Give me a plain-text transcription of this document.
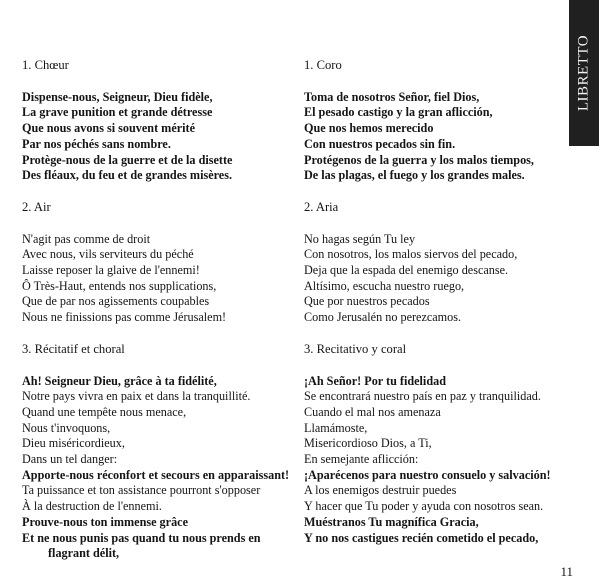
LIBRETTO
1. Chœur
Dispense-nous, Seigneur, Dieu fidèle,
La grave punition et grande détresse
Que nous avons si souvent mérité
Par nos péchés sans nombre.
Protège-nous de la guerre et de la disette
Des fléaux, du feu et de grandes misères.
2. Air
N'agit pas comme de droit
Avec nous, vils serviteurs du péché
Laisse reposer la glaive de l'ennemi!
Ô Très-Haut, entends nos supplications,
Que de par nos agissements coupables
Nous ne finissions pas comme Jérusalem!
3. Récitatif et choral
Ah! Seigneur Dieu, grâce à ta fidélité,
Notre pays vivra en paix et dans la tranquillité.
Quand une tempête nous menace,
Nous t'invoquons,
Dieu miséricordieux,
Dans un tel danger:
Apporte-nous réconfort et secours en apparaissant!
Ta puissance et ton assistance pourront s'opposer
À la destruction de l'ennemi.
Prouve-nous ton immense grâce
Et ne nous punis pas quand tu nous prends en
flagrant délit,
1. Coro
Toma de nosotros Señor, fiel Dios,
El pesado castigo y la gran aflicción,
Que nos hemos merecido
Con nuestros pecados sin fin.
Protégenos de la guerra y los malos tiempos,
De las plagas, el fuego y los grandes males.
2. Aria
No hagas según Tu ley
Con nosotros, los malos siervos del pecado,
Deja que la espada del enemigo descanse.
Altísimo, escucha nuestro ruego,
Que por nuestros pecados
Como Jerusalén no perezcamos.
3. Recitativo y coral
¡Ah Señor! Por tu fidelidad
Se encontrará nuestro país en paz y tranquilidad.
Cuando el mal nos amenaza
Llamámoste,
Misericordioso Dios, a Ti,
En semejante aflicción:
¡Aparécenos para nuestro consuelo y salvación!
A los enemigos destruir puedes
Y hacer que Tu poder y ayuda con nosotros sean.
Muéstranos Tu magnífica Gracia,
Y no nos castigues recién cometido el pecado,
11
